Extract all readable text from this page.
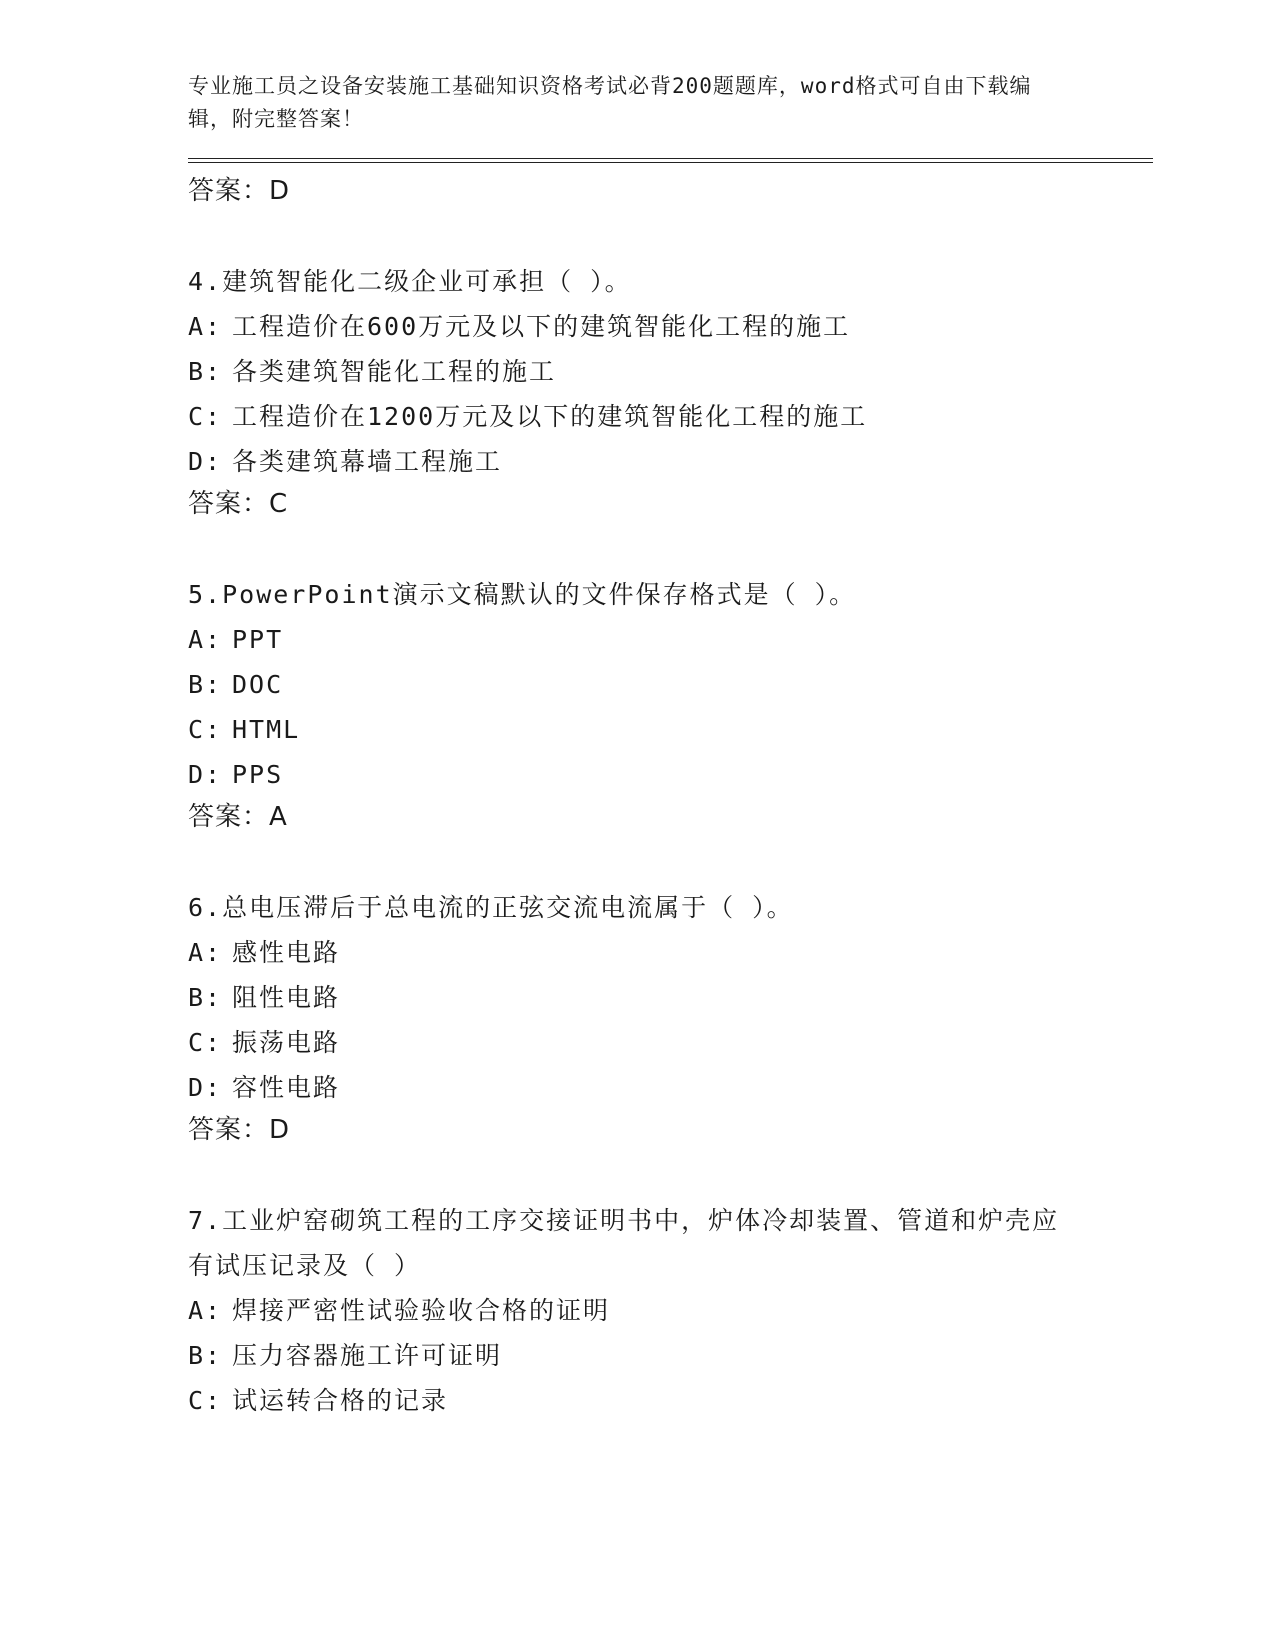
专业施工员之设备安装施工基础知识资格考试必背200题题库，word格式可自由下载编辑，附完整答案！
答案：D
4.建筑智能化二级企业可承担（ ）。
A: 工程造价在600万元及以下的建筑智能化工程的施工
B: 各类建筑智能化工程的施工
C: 工程造价在1200万元及以下的建筑智能化工程的施工
D: 各类建筑幕墙工程施工
答案：C
5.PowerPoint演示文稿默认的文件保存格式是（ ）。
A: PPT
B: DOC
C: HTML
D: PPS
答案：A
6.总电压滞后于总电流的正弦交流电流属于（ ）。
A: 感性电路
B: 阻性电路
C: 振荡电路
D: 容性电路
答案：D
7.工业炉窑砌筑工程的工序交接证明书中，炉体冷却装置、管道和炉壳应有试压记录及（ ）
A: 焊接严密性试验验收合格的证明
B: 压力容器施工许可证明
C: 试运转合格的记录
